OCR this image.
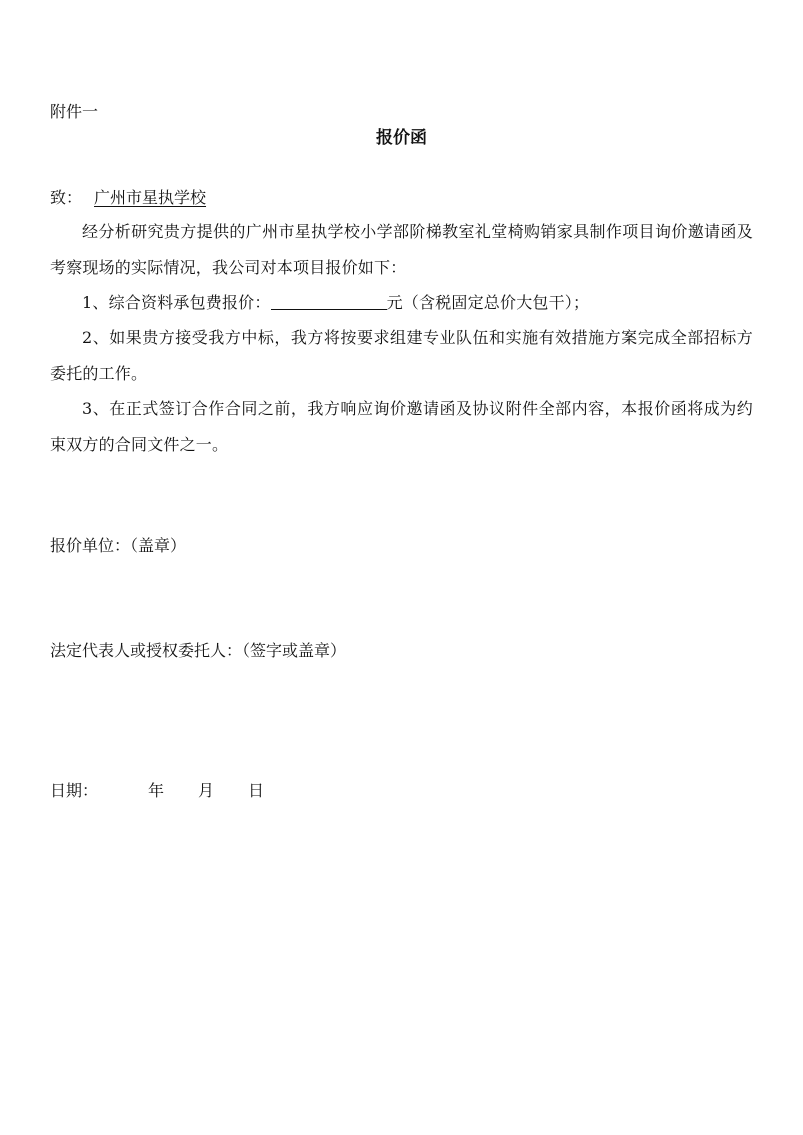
附件一
报价函
致： 广州市星执学校
经分析研究贵方提供的广州市星执学校小学部阶梯教室礼堂椅购销家具制作项目询价邀请函及考察现场的实际情况，我公司对本项目报价如下：
1、综合资料承包费报价：	元（含税固定总价大包干）；
2、如果贵方接受我方中标，我方将按要求组建专业队伍和实施有效措施方案完成全部招标方委托的工作。
3、在正式签订合作合同之前，我方响应询价邀请函及协议附件全部内容，本报价函将成为约束双方的合同文件之一。
报价单位：（盖章）
法定代表人或授权委托人：（签字或盖章）
日期：	年 月 日
